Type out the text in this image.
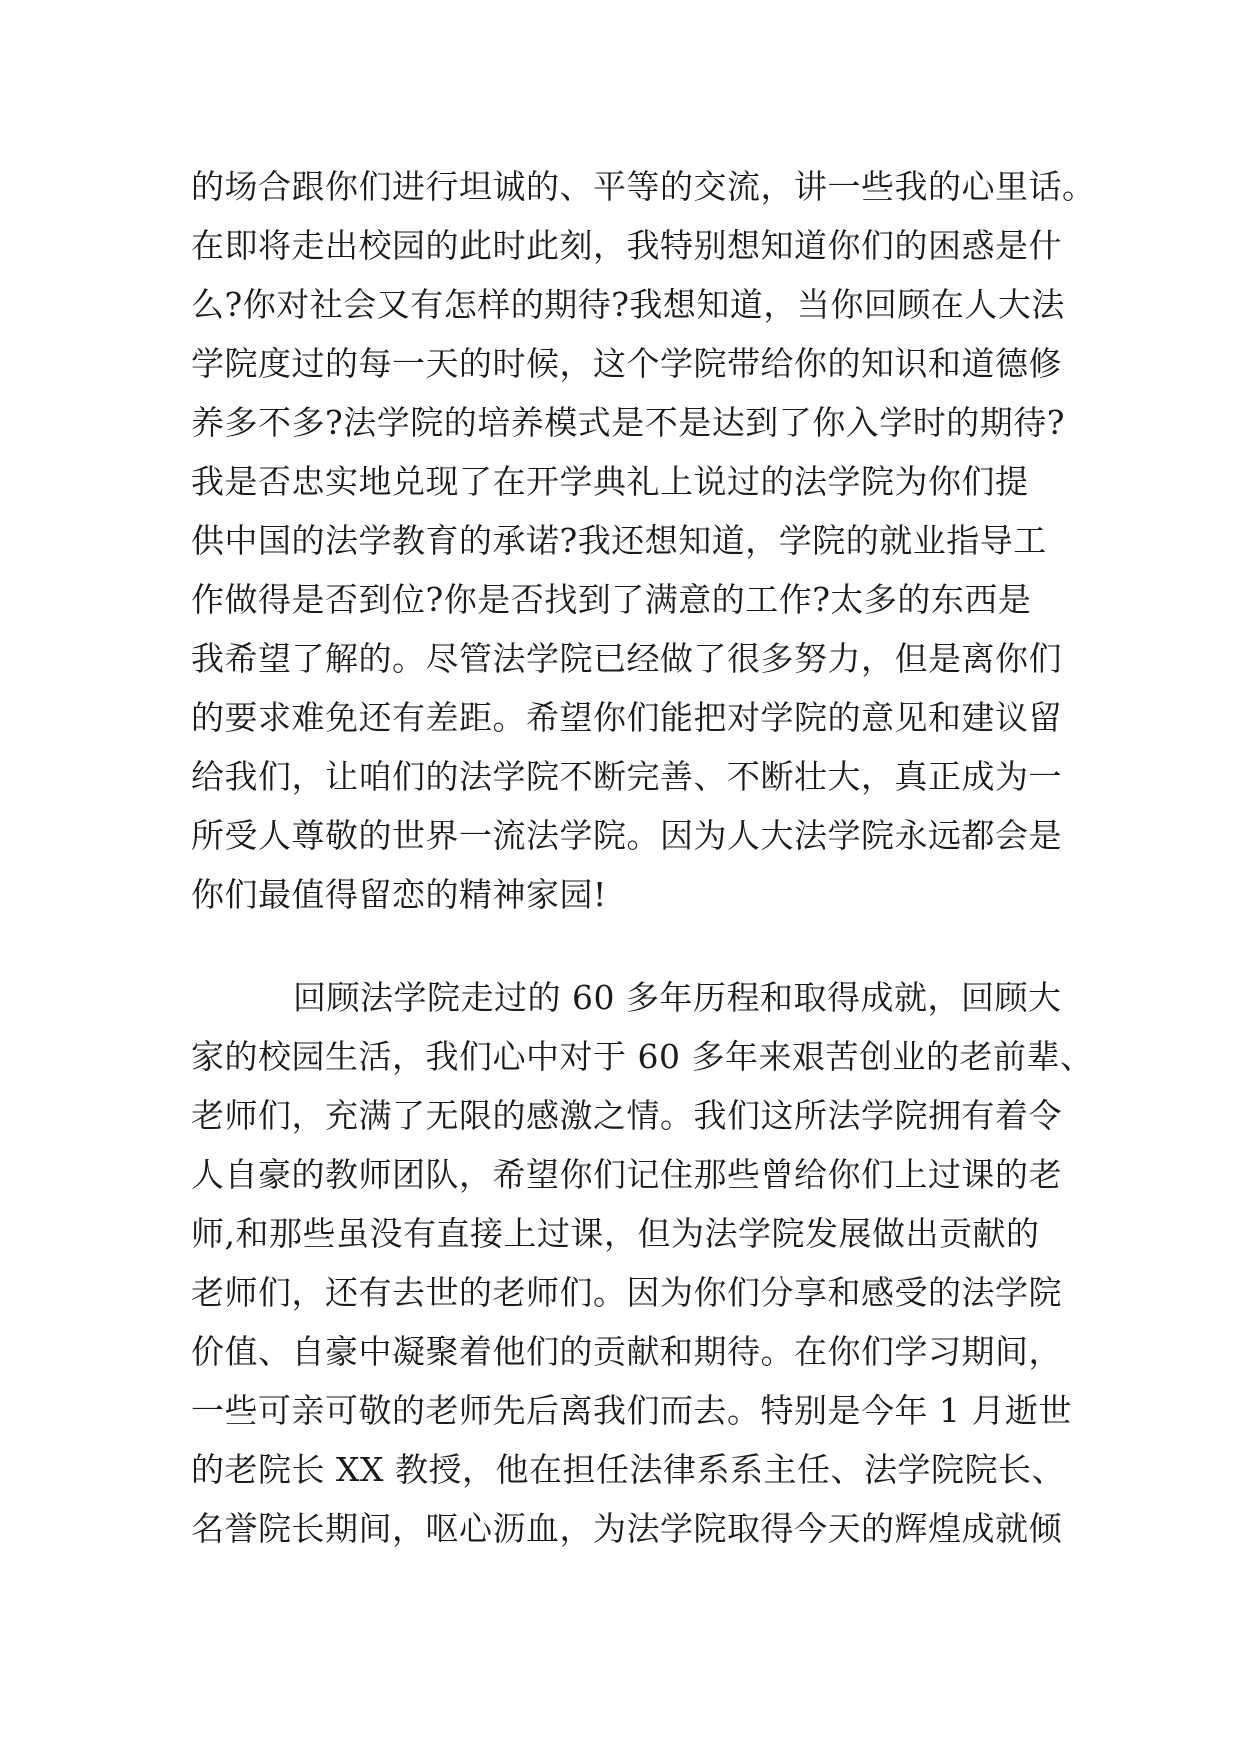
的场合跟你们进行坦诚的、平等的交流，讲一些我的心里话。
在即将走出校园的此时此刻，我特别想知道你们的困惑是什
么?你对社会又有怎样的期待?我想知道，当你回顾在人大法
学院度过的每一天的时候，这个学院带给你的知识和道德修
养多不多?法学院的培养模式是不是达到了你入学时的期待?
我是否忠实地兑现了在开学典礼上说过的法学院为你们提
供中国的法学教育的承诺?我还想知道，学院的就业指导工
作做得是否到位?你是否找到了满意的工作?太多的东西是
我希望了解的。尽管法学院已经做了很多努力，但是离你们
的要求难免还有差距。希望你们能把对学院的意见和建议留
给我们，让咱们的法学院不断完善、不断壮大，真正成为一
所受人尊敬的世界一流法学院。因为人大法学院永远都会是
你们最值得留恋的精神家园!
回顾法学院走过的 60 多年历程和取得成就，回顾大
家的校园生活，我们心中对于 60 多年来艰苦创业的老前辈、
老师们，充满了无限的感激之情。我们这所法学院拥有着令
人自豪的教师团队，希望你们记住那些曾给你们上过课的老
师,和那些虽没有直接上过课，但为法学院发展做出贡献的
老师们，还有去世的老师们。因为你们分享和感受的法学院
价值、自豪中凝聚着他们的贡献和期待。在你们学习期间，
一些可亲可敬的老师先后离我们而去。特别是今年 1 月逝世
的老院长 XX 教授，他在担任法律系系主任、法学院院长、
名誉院长期间，呕心沥血，为法学院取得今天的辉煌成就倾
